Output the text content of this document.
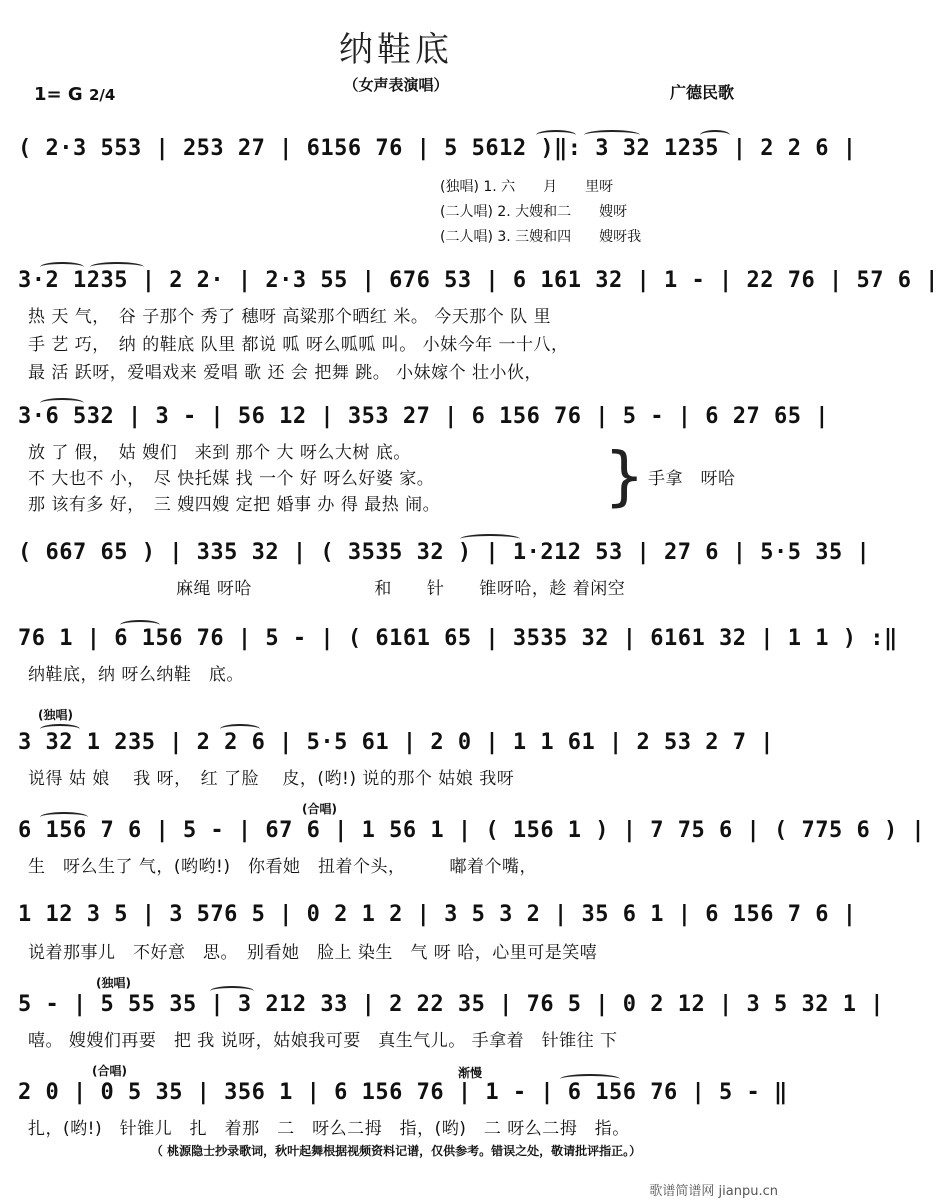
纳鞋底
（女声表演唱）
1= G 2/4	广德民歌
( 2·3 553 | 253 27 | 6156 76 | 5 5612 )‖: 3 32 1235 | 2 2 6 |
(独唱) 1. 六　　月　　里呀
(二人唱) 2. 大嫂和二　　嫂呀
(二人唱) 3. 三嫂和四　　嫂呀我
3·2 1235 | 2 2· | 2·3 55 | 676 53 | 6 161 32 | 1 - | 22 76 | 57 6 |
热 天 气，　谷 子那个 秀了 穗呀 高粱那个晒红 米。 今天那个 队 里
手 艺 巧，　纳 的鞋底 队里 都说 呱 呀么呱呱 叫。 小妹今年 一十八，
最 活 跃呀，爱唱戏来 爱唱 歌 还 会 把舞 跳。 小妹嫁个 壮小伙，
3·6 532 | 3 - | 56 12 | 353 27 | 6 156 76 | 5 - | 6 27 65 |
放 了 假，　姑 嫂们　来到 那个 大 呀么大树 底。
不 大也不 小，　尽 快托媒 找 一个 好 呀么好婆 家。
那 该有多 好，　三 嫂四嫂 定把 婚事 办 得 最热 闹。	} 手拿　呀哈
( 667 65 ) | 335 32 | ( 3535 32 ) | 1·212 53 | 27 6 | 5·5 35 |
麻绳 呀哈　　　　　　　和　　针　　锥呀哈，趁 着闲空
76 1 | 6 156 76 | 5 - | ( 6161 65 | 3535 32 | 6161 32 | 1 1 ) :‖
纳鞋底，纳 呀么纳鞋　底。
(独唱)
3 32 1 235 | 2 2 6 | 5·5 61 | 2 0 | 1 1 61 | 2 53 2 7 |
说得 姑 娘　 我 呀，　红 了脸　 皮，(哟!) 说的那个 姑娘 我呀
(合唱)
6 156 7 6 | 5 - | 67 6 | 1 56 1 | ( 156 1 ) | 7 75 6 | ( 775 6 ) |
生　呀么生了 气，(哟哟!)　你看她　扭着个头，　　　嘟着个嘴，
1 12 3 5 | 3 576 5 | 0 2 1 2 | 3 5 3 2 | 35 6 1 | 6 156 7 6 |
说着那事儿　不好意　思。　别看她　脸上 染生　气 呀 哈，心里可是笑嘻
(独唱)
5 - | 5 55 35 | 3 212 33 | 2 22 35 | 76 5 | 0 2 12 | 3 5 32 1 |
嘻。 嫂嫂们再要　把 我 说呀，姑娘我可要　真生气儿。 手拿着　针锥往 下
(合唱)	渐慢
2 0 | 0 5 35 | 356 1 | 6 156 76 | 1 - | 6 156 76 | 5 - ‖
扎，(哟!)　针锥儿　扎　着那　二　呀么二拇　指，(哟)　二 呀么二拇　指。
（ 桃源隐士抄录歌词，秋叶起舞根据视频资料记谱，仅供参考。错误之处，敬请批评指正。）
歌谱简谱网 jianpu.cn
